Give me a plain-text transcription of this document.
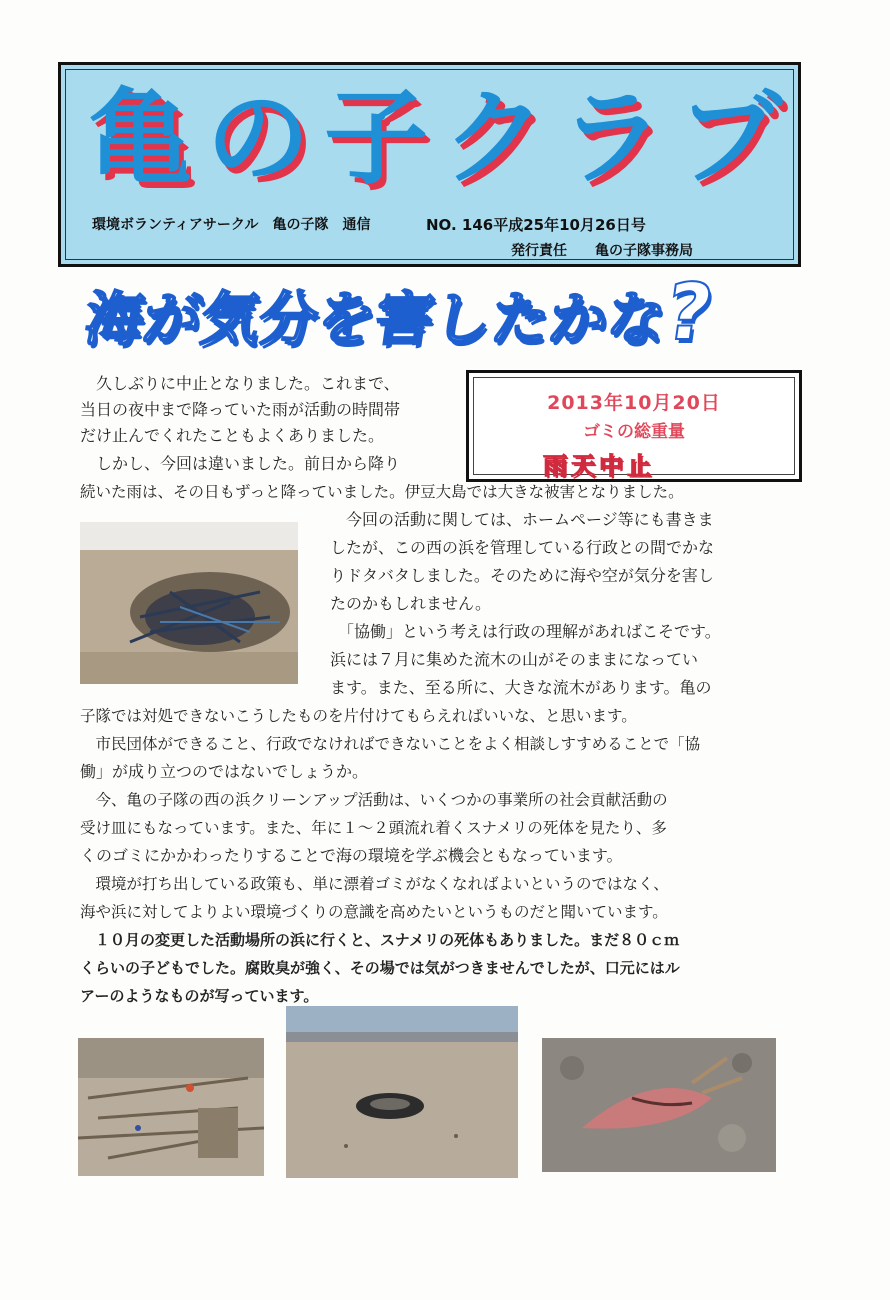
亀の子クラブ
環境ボランティアサークル　亀の子隊　通信	NO. 146平成25年10月26日号
発行責任　　亀の子隊事務局
海が気分を害したかな?
2013年10月20日
ゴミの総重量
雨天中止
　久しぶりに中止となりました。これまで、
当日の夜中まで降っていた雨が活動の時間帯
だけ止んでくれたこともよくありました。
　しかし、今回は違いました。前日から降り
続いた雨は、その日もずっと降っていました。伊豆大島では大きな被害となりました。
　今回の活動に関しては、ホームページ等にも書きま
したが、この西の浜を管理している行政との間でかな
りドタバタしました。そのために海や空が気分を害し
たのかもしれません。
　「協働」という考えは行政の理解があればこそです。
浜には７月に集めた流木の山がそのままになってい
ます。また、至る所に、大きな流木があります。亀の
子隊では対処できないこうしたものを片付けてもらえればいいな、と思います。
　市民団体ができること、行政でなければできないことをよく相談しすすめることで「協
働」が成り立つのではないでしょうか。
　今、亀の子隊の西の浜クリーンアップ活動は、いくつかの事業所の社会貢献活動の
受け皿にもなっています。また、年に１～２頭流れ着くスナメリの死体を見たり、多
くのゴミにかかわったりすることで海の環境を学ぶ機会ともなっています。
　環境が打ち出している政策も、単に漂着ゴミがなくなればよいというのではなく、
海や浜に対してよりよい環境づくりの意識を高めたいというものだと聞いています。
　１０月の変更した活動場所の浜に行くと、スナメリの死体もありました。まだ８０ｃｍ
くらいの子どもでした。腐敗臭が強く、その場では気がつきませんでしたが、口元にはル
アーのようなものが写っています。
